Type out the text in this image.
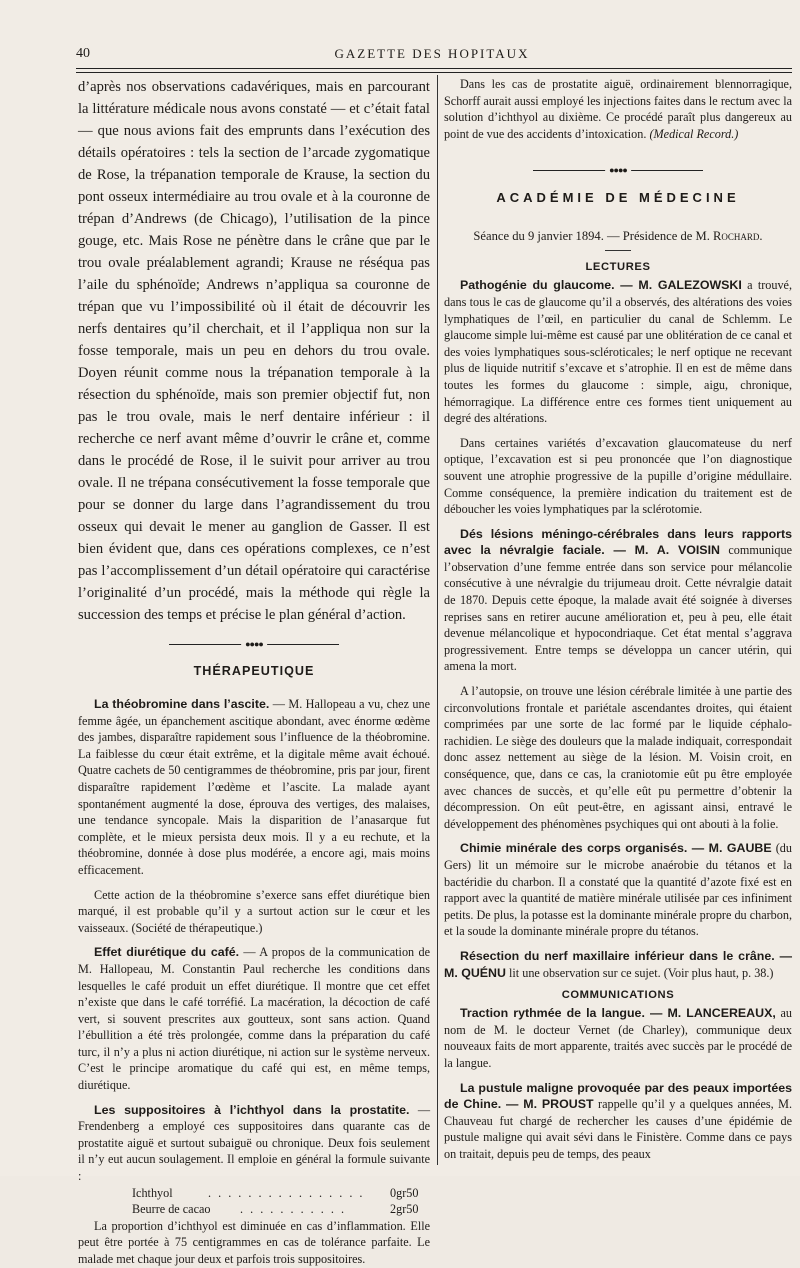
40	GAZETTE DES HOPITAUX

d’après nos observations cadavériques, mais en parcourant la littérature médicale nous avons constaté — et c’était fatal — que nous avions fait des emprunts dans l’exécution des détails opératoires : tels la section de l’arcade zygomatique de Rose, la trépanation temporale de Krause, la section du pont osseux intermédiaire au trou ovale et à la couronne de trépan d’Andrews (de Chicago), l’utilisation de la pince gouge, etc. Mais Rose ne pénètre dans le crâne que par le trou ovale préalablement agrandi; Krause ne réséqua pas l’aile du sphénoïde; Andrews n’appliqua sa couronne de trépan que vu l’impossibilité où il était de découvrir les nerfs dentaires qu’il cherchait, et il l’appliqua non sur la fosse temporale, mais un peu en dehors du trou ovale. Doyen réunit comme nous la trépanation temporale à la résection du sphénoïde, mais son premier objectif fut, non pas le trou ovale, mais le nerf dentaire inférieur : il recherche ce nerf avant même d’ouvrir le crâne et, comme dans le procédé de Rose, il le suivit pour arriver au trou ovale. Il ne trépana consécutivement la fosse temporale que pour se donner du large dans l’agrandissement du trou osseux qui devait le mener au ganglion de Gasser. Il est bien évident que, dans ces opérations complexes, ce n’est pas l’accomplissement d’un détail opératoire qui caractérise l’originalité d’un procédé, mais la méthode qui règle la succession des temps et précise le plan général d’action.

●●●●
THÉRAPEUTIQUE

La théobromine dans l’ascite. — M. Hallopeau a vu, chez une femme âgée, un épanchement ascitique abondant, avec énorme œdème des jambes, disparaître rapidement sous l’influence de la théobromine. La faiblesse du cœur était extrême, et la digitale même avait échoué. Quatre cachets de 50 centigrammes de théobromine, pris par jour, firent disparaître rapidement l’œdème et l’ascite. La malade ayant spontanément augmenté la dose, éprouva des vertiges, des malaises, une tendance syncopale. Mais la disparition de l’anasarque fut complète, et le mieux persista deux mois. Il y a eu rechute, et la théobromine, donnée à dose plus modérée, a encore agi, mais moins efficacement.

Cette action de la théobromine s’exerce sans effet diurétique bien marqué, il est probable qu’il y a surtout action sur le cœur et les vaisseaux. (Société de thérapeutique.)

Effet diurétique du café. — A propos de la communication de M. Hallopeau, M. Constantin Paul recherche les conditions dans lesquelles le café produit un effet diurétique. Il montre que cet effet n’existe que dans le café torréfié. La macération, la décoction de café vert, si souvent prescrites aux goutteux, sont sans action. Quand l’ébullition a été très prolongée, comme dans la préparation du café turc, il n’y a plus ni action diurétique, ni action sur le système nerveux. C’est le principe aromatique du café qui est, en même temps, diurétique.

Les suppositoires à l’ichthyol dans la prostatite. — Frendenberg a employé ces suppositoires dans quarante cas de prostatite aiguë et surtout subaiguë ou chronique. Deux fois seulement il n’y eut aucun soulagement. Il emploie en général la formule suivante :

Ichthyol	. . . . . . . . . . . . . . . .	0gr50
Beurre de cacao	. . . . . . . . . . .	2gr50

La proportion d’ichthyol est diminuée en cas d’inflammation. Elle peut être portée à 75 centigrammes en cas de tolérance parfaite. Le malade met chaque jour deux et parfois trois suppositoires.

Dans les cas de prostatite aiguë, ordinairement blennorragique, Schorff aurait aussi employé les injections faites dans le rectum avec la solution d’ichthyol au dixième. Ce procédé paraît plus dangereux au point de vue des accidents d’intoxication. (Medical Record.)

●●●●
ACADÉMIE DE MÉDECINE
Séance du 9 janvier 1894. — Présidence de M. Rochard.
LECTURES

Pathogénie du glaucome. — M. GALEZOWSKI a trouvé, dans tous le cas de glaucome qu’il a observés, des altérations des voies lymphatiques de l’œil, en particulier du canal de Schlemm. Le glaucome simple lui-même est causé par une oblitération de ce canal et des voies lymphatiques sous-scléroticales; le nerf optique ne recevant plus de liquide nutritif s’excave et s’atrophie. Il en est de même dans toutes les formes du glaucome : simple, aigu, chronique, hémorragique. La différence entre ces formes tient uniquement au degré des altérations.

Dans certaines variétés d’excavation glaucomateuse du nerf optique, l’excavation est si peu prononcée que l’on diagnostique souvent une atrophie progressive de la pupille d’origine médullaire. Comme conséquence, la première indication du traitement est de déboucher les voies lymphatiques par la sclérotomie.

Dés lésions méningo-cérébrales dans leurs rapports avec la névralgie faciale. — M. A. VOISIN communique l’observation d’une femme entrée dans son service pour mélancolie consécutive à une névralgie du trijumeau droit. Cette névralgie datait de 1870. Depuis cette époque, la malade avait été soignée à diverses reprises sans en retirer aucune amélioration et, peu à peu, elle était devenue mélancolique et hypocondriaque. Cet état mental s’aggrava progressivement. Entre temps se développa un cancer utérin, qui amena la mort.

A l’autopsie, on trouve une lésion cérébrale limitée à une partie des circonvolutions frontale et pariétale ascendantes droites, qui étaient comprimées par une sorte de lac formé par le liquide céphalo-rachidien. Le siège des douleurs que la malade indiquait, correspondait donc assez nettement au siège de la lésion. M. Voisin croit, en conséquence, que, dans ce cas, la craniotomie eût pu être employée avec chances de succès, et qu’elle eût pu permettre d’obtenir la décompression. On eût peut-être, en agissant ainsi, entravé le développement des phénomènes psychiques qui ont abouti à la folie.

Chimie minérale des corps organisés. — M. GAUBE (du Gers) lit un mémoire sur le microbe anaérobie du tétanos et la bactéridie du charbon. Il a constaté que la quantité d’azote fixé est en rapport avec la quantité de matière minérale utilisée par ces infiniment petits. De plus, la potasse est la dominante minérale propre du charbon, et la soude la dominante minérale propre du tétanos.

Résection du nerf maxillaire inférieur dans le crâne. — M. QUÉNU lit une observation sur ce sujet. (Voir plus haut, p. 38.)

COMMUNICATIONS

Traction rythmée de la langue. — M. LANCEREAUX, au nom de M. le docteur Vernet (de Charley), communique deux nouveaux faits de mort apparente, traités avec succès par le procédé de la langue.

La pustule maligne provoquée par des peaux importées de Chine. — M. PROUST rappelle qu’il y a quelques années, M. Chauveau fut chargé de rechercher les causes d’une épidémie de pustule maligne qui avait sévi dans le Finistère. Comme dans ce pays on traitait, depuis peu de temps, des peaux
